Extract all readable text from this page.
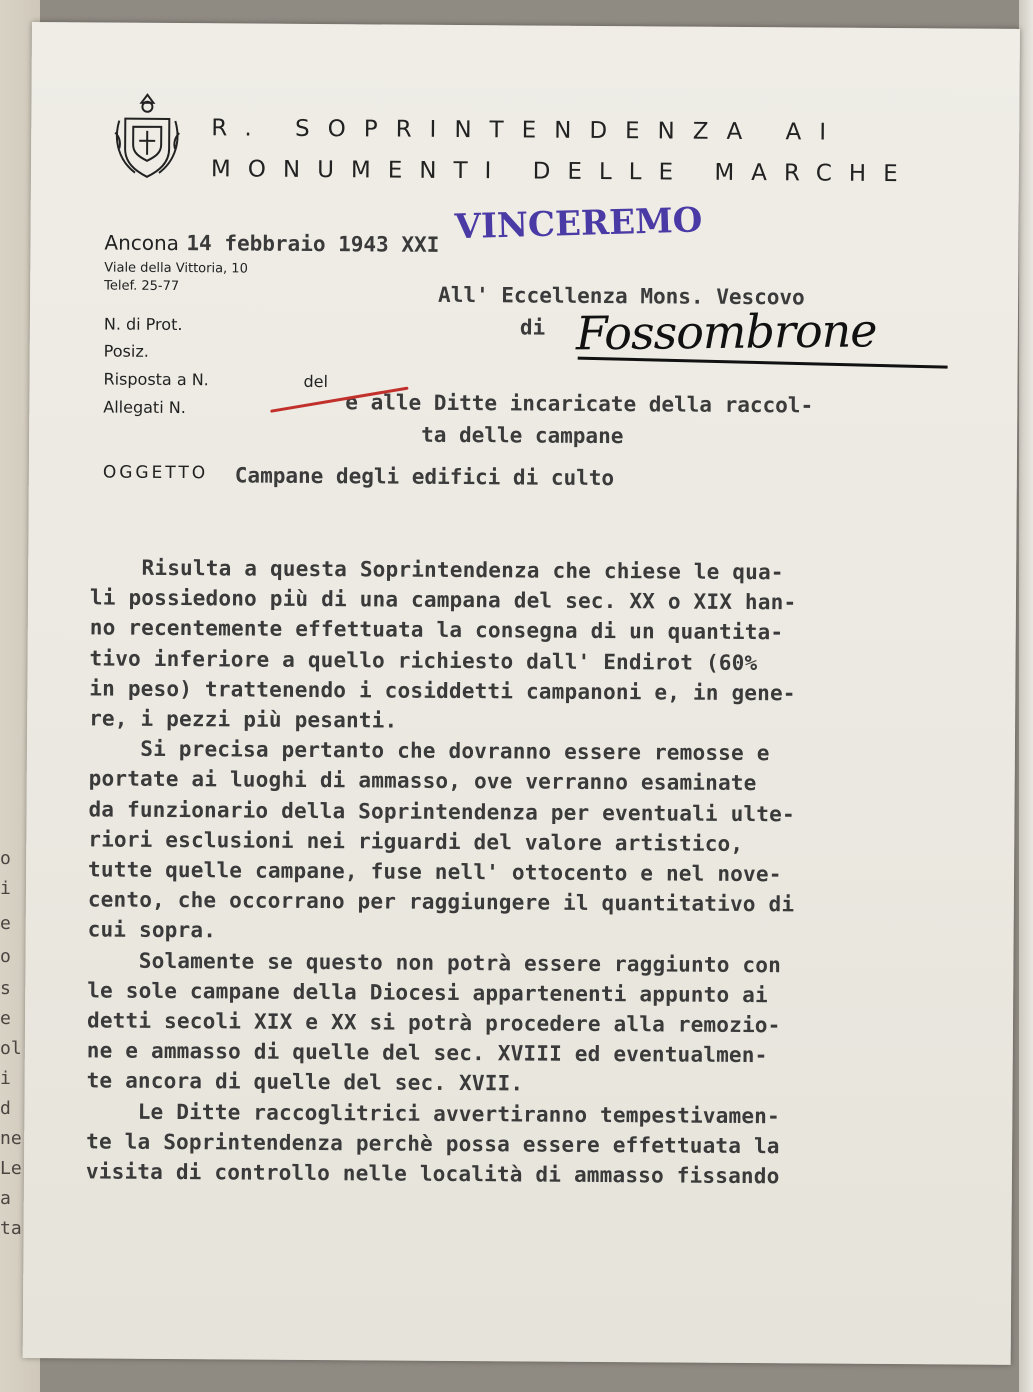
o
i
e
o
s
e
ol
i
d
ne
Le
a
ta
R. SOPRINTENDENZA AI
MONUMENTI DELLE MARCHE
Ancona 14 febbraio 1943 XXI VINCEREMO
Viale della Vittoria, 10
Telef. 25-77	All' Eccellenza Mons. Vescovo
di Fossombrone
N. di Prot.
Posiz.
Risposta a N.	del
Allegati N.	e alle Ditte incaricate della raccol-
ta delle campane
OGGETTO Campane degli edifici di culto
Risulta a questa Soprintendenza che chiese le qua-
li possiedono più di una campana del sec. XX o XIX han-
no recentemente effettuata la consegna di un quantita-
tivo inferiore a quello richiesto dall' Endirot (60%
in peso) trattenendo i cosiddetti campanoni e, in gene-
re, i pezzi più pesanti.
Si precisa pertanto che dovranno essere remosse e
portate ai luoghi di ammasso, ove verranno esaminate
da funzionario della Soprintendenza per eventuali ulte-
riori esclusioni nei riguardi del valore artistico,
tutte quelle campane, fuse nell' ottocento e nel nove-
cento, che occorrano per raggiungere il quantitativo di
cui sopra.
Solamente se questo non potrà essere raggiunto con
le sole campane della Diocesi appartenenti appunto ai
detti secoli XIX e XX si potrà procedere alla remozio-
ne e ammasso di quelle del sec. XVIII ed eventualmen-
te ancora di quelle del sec. XVII.
Le Ditte raccoglitrici avvertiranno tempestivamen-
te la Soprintendenza perchè possa essere effettuata la
visita di controllo nelle località di ammasso fissando
